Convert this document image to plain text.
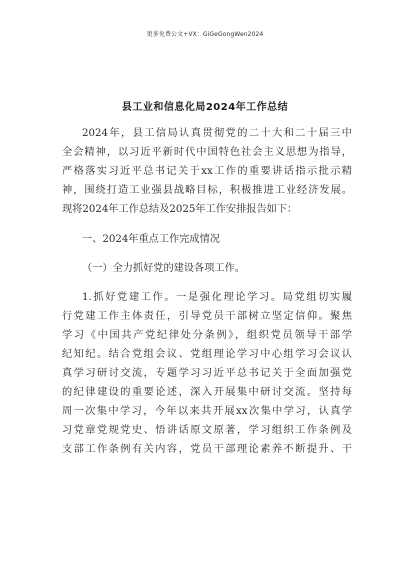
更多免费公文+VX：GiGeGongWen2024
县工业和信息化局2024年工作总结
2024年，县工信局认真贯彻党的二十大和二十届三中
全会精神，以习近平新时代中国特色社会主义思想为指导，
严格落实习近平总书记关于xx工作的重要讲话指示批示精
神，围绕打造工业强县战略目标，积极推进工业经济发展。
现将2024年工作总结及2025年工作安排报告如下：
一、2024年重点工作完成情况
（一）全力抓好党的建设各项工作。
1.抓好党建工作。一是强化理论学习。局党组切实履
行党建工作主体责任，引导党员干部树立坚定信仰。聚焦
学习《中国共产党纪律处分条例》，组织党员领导干部学
纪知纪。结合党组会议、党组理论学习中心组学习会议认
真学习研讨交流，专题学习习近平总书记关于全面加强党
的纪律建设的重要论述，深入开展集中研讨交流。坚持每
周一次集中学习，今年以来共开展xx次集中学习，认真学
习党章党规党史、悟讲话原文原著，学习组织工作条例及
支部工作条例有关内容，党员干部理论素养不断提升、干
